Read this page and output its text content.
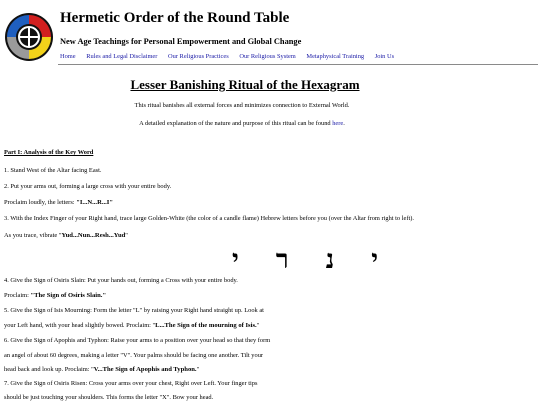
Hermetic Order of the Round Table
New Age Teachings for Personal Empowerment and Global Change
Home Rules and Legal Disclaimer Our Religious Practices Our Religious System Metaphysical Training Join Us
Lesser Banishing Ritual of the Hexagram
This ritual banishes all external forces and minimizes connection to External World.
A detailed explanation of the nature and purpose of this ritual can be found here.
Part I: Analysis of the Key Word
1. Stand West of the Altar facing East.
2. Put your arms out, forming a large cross with your entire body.
Proclaim loudly, the letters: "I...N...R...I"
3. With the Index Finger of your Right hand, trace large Golden-White (the color of a candle flame) Hebrew letters before you (over the Altar from right to left).
As you trace, vibrate "Yud...Nun...Resh...Yud"
י נ ר י
4. Give the Sign of Osiris Slain: Put your hands out, forming a Cross with your entire body.
Proclaim: "The Sign of Osiris Slain."
5. Give the Sign of Isis Mourning: Form the letter "L" by raising your Right hand straight up. Look at
your Left hand, with your head slightly bowed. Proclaim: "L...The Sign of the mourning of Isis."
6. Give the Sign of Apophis and Typhon: Raise your arms to a position over your head so that they form
an angel of about 60 degrees, making a letter "V". Your palms should be facing one another. Tilt your
head back and look up. Proclaim: "V...The Sign of Apophis and Typhon."
7. Give the Sign of Osiris Risen: Cross your arms over your chest, Right over Left. Your finger tips
should be just touching your shoulders. This forms the letter "X". Bow your head.
